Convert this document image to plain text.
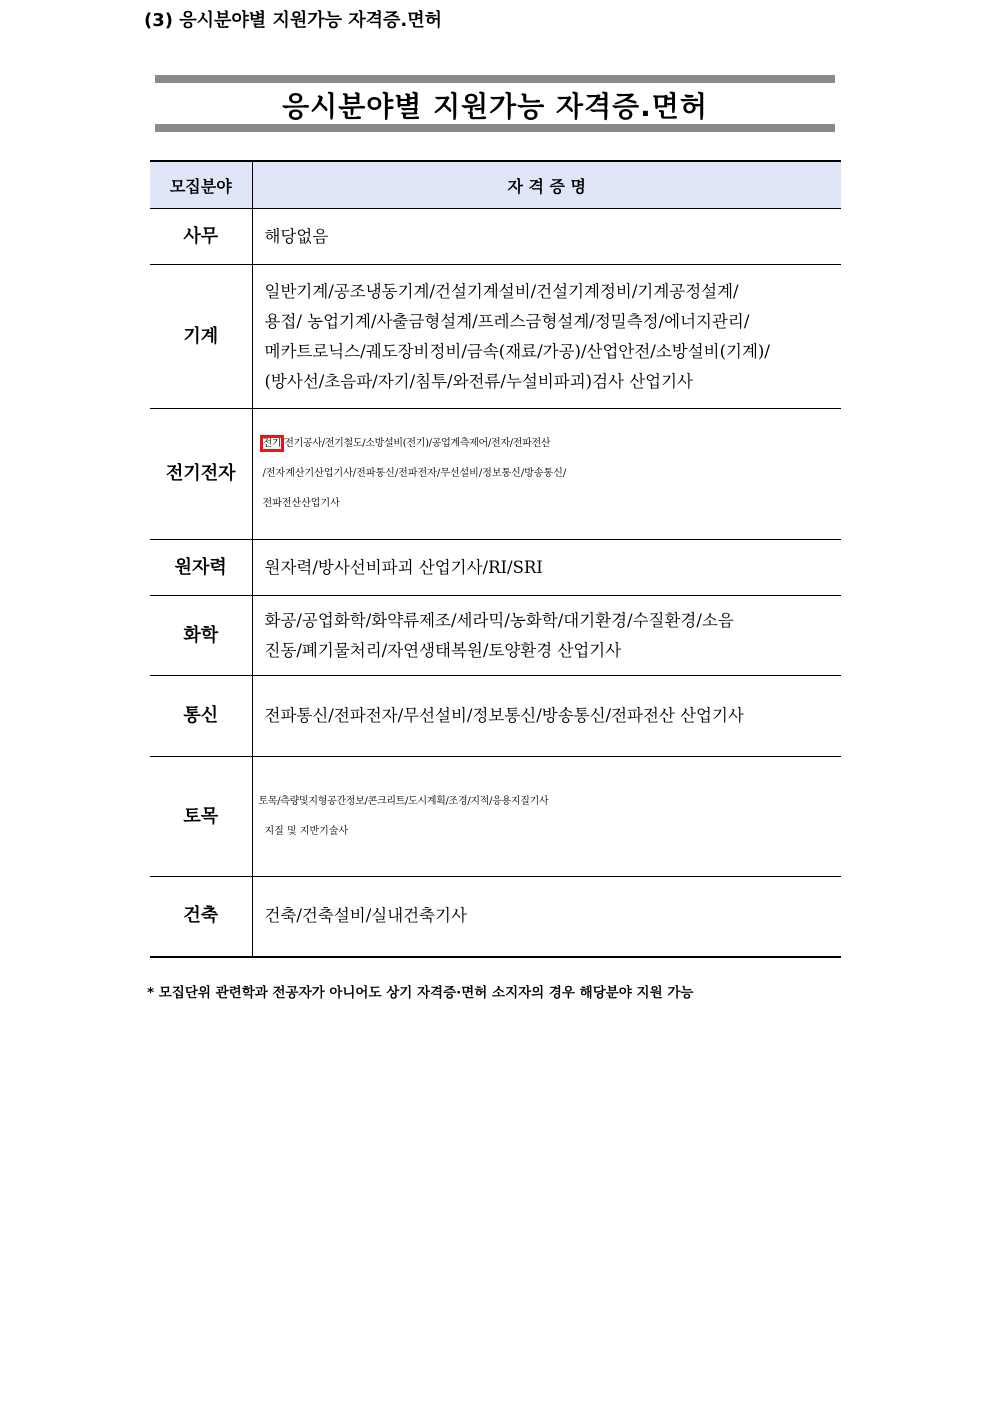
(3) 응시분야별 지원가능 자격증.면허
응시분야별 지원가능 자격증.면허
모집분야	자 격 증 명
사무	해당없음

기계	일반기계/공조냉동기계/건설기계설비/건설기계정비/기계공정설계/
용접/ 농업기계/사출금형설계/프레스금형설계/정밀측정/에너지관리/
메카트로닉스/궤도장비정비/금속(재료/가공)/산업안전/소방설비(기계)/
(방사선/초음파/자기/침투/와전류/누설비파괴)검사 산업기사

전기전자	전기/전기공사/전기철도/소방설비(전기)/공업계측제어/전자/전파전산
/전자계산기산업기사/전파통신/전파전자/무선설비/정보통신/방송통신/
전파전산산업기사

원자력	원자력/방사선비파괴 산업기사/RI/SRI

화학	화공/공업화학/화약류제조/세라믹/농화학/대기환경/수질환경/소음
진동/폐기물처리/자연생태복원/토양환경 산업기사

통신	전파통신/전파전자/무선설비/정보통신/방송통신/전파전산 산업기사

토목	토목/측량및지형공간정보/콘크리트/도시계획/조경/지적/응용지질기사
지질 및 지반기술사

건축	건축/건축설비/실내건축기사
* 모집단위 관련학과 전공자가 아니어도 상기 자격증·면허 소지자의 경우 해당분야 지원 가능
